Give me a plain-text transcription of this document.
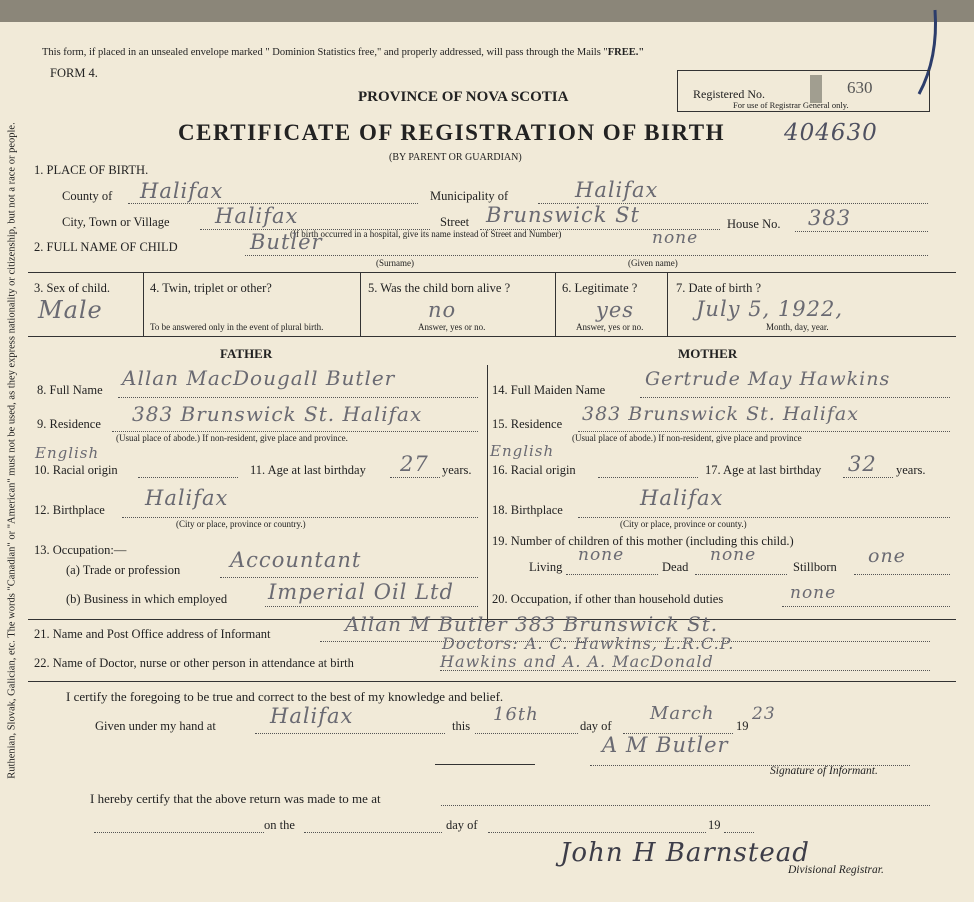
Ruthenian, Slovak, Galician, etc. The words "Canadian" or "American" must not be used, as they express nationality or citizenship, but not a race or people.
This form, if placed in an unsealed envelope marked " Dominion Statistics free," and properly addressed, will pass through the Mails "FREE."
FORM 4.
PROVINCE OF NOVA SCOTIA
CERTIFICATE OF REGISTRATION OF BIRTH
(BY PARENT OR GUARDIAN)
Registered No.	630
For use of Registrar General only.
404630
1. PLACE OF BIRTH.
County of Halifax	Municipality of	Halifax
City, Town or Village Halifax	Street Brunswick St	House No. 383
(If birth occurred in a hospital, give its name instead of Street and Number)
2. FULL NAME OF CHILD	Butler	none
(Surname)	(Given name)
3. Sex of child.
Male
4. Twin, triplet or other?
To be answered only in the event of plural birth.
5. Was the child born alive ?
no
Answer, yes or no.
6. Legitimate ?
yes
Answer, yes or no.
7. Date of birth ?
July 5, 1922,
Month, day, year.
FATHER	MOTHER
8. Full Name Allan MacDougall Butler
9. Residence 383 Brunswick St. Halifax
(Usual place of abode.) If non-resident, give place and province.
English
10. Racial origin	11. Age at last birthday 27 years.
12. Birthplace Halifax
(City or place, province or country.)
13. Occupation:—
(a) Trade or profession Accountant
(b) Business in which employed Imperial Oil Ltd
14. Full Maiden Name Gertrude May Hawkins
15. Residence 383 Brunswick St. Halifax
(Usual place of abode.) If non-resident, give place and province
English
16. Racial origin	17. Age at last birthday 32 years.
18. Birthplace	Halifax
(City or place, province or county.)
19. Number of children of this mother (including this child.)
Living
none
Dead
none
Stillborn one
20. Occupation, if other than household duties	none
21. Name and Post Office address of Informant	Allan M Butler 383 Brunswick St.
22. Name of Doctor, nurse or other person in attendance at birth
Doctors: A. C. Hawkins, L.R.C.P.
Hawkins and A. A. MacDonald
I certify the foregoing to be true and correct to the best of my knowledge and belief.
Given under my hand at	Halifax	this
16th
day of
March
19
23
A M Butler
Signature of Informant.
I hereby certify that the above return was made to me at
on the	day of	19
John H Barnstead
Divisional Registrar.
